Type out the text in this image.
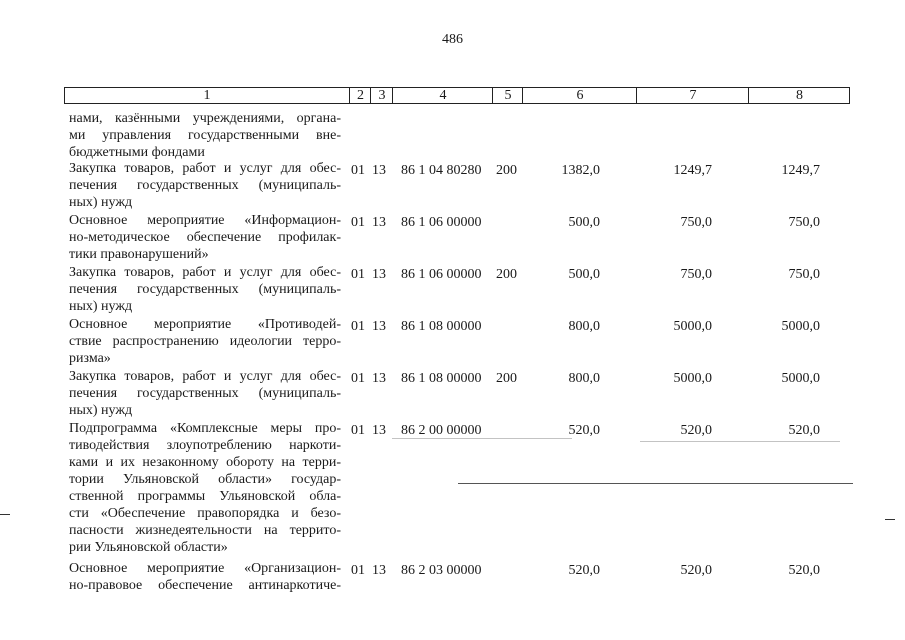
486
1	2	3	4	5	6	7	8
нами, казёнными учреждениями, органа-
ми управления государственными вне-
бюджетными фондами
Закупка товаров, работ и услуг для обес-
печения государственных (муниципаль-
ных) нужд
01 13 86 1 04 80280 200	1382,0	1249,7	1249,7
Основное мероприятие «Информацион-
но-методическое обеспечение профилак-
тики правонарушений»
01 13 86 1 06 00000	500,0	750,0	750,0
Закупка товаров, работ и услуг для обес-
печения государственных (муниципаль-
ных) нужд
01 13 86 1 06 00000 200	500,0	750,0	750,0
Основное мероприятие «Противодей-
ствие распространению идеологии терро-
ризма»
01 13 86 1 08 00000	800,0	5000,0	5000,0
Закупка товаров, работ и услуг для обес-
печения государственных (муниципаль-
ных) нужд
01 13 86 1 08 00000 200	800,0	5000,0	5000,0
Подпрограмма «Комплексные меры про-
тиводействия злоупотреблению наркоти-
ками и их незаконному обороту на терри-
тории Ульяновской области» государ-
ственной программы Ульяновской обла-
сти «Обеспечение правопорядка и безо-
пасности жизнедеятельности на террито-
рии Ульяновской области»
01 13 86 2 00 00000	520,0	520,0	520,0
Основное мероприятие «Организацион-
но-правовое обеспечение антинаркотиче-
01 13 86 2 03 00000	520,0	520,0	520,0
